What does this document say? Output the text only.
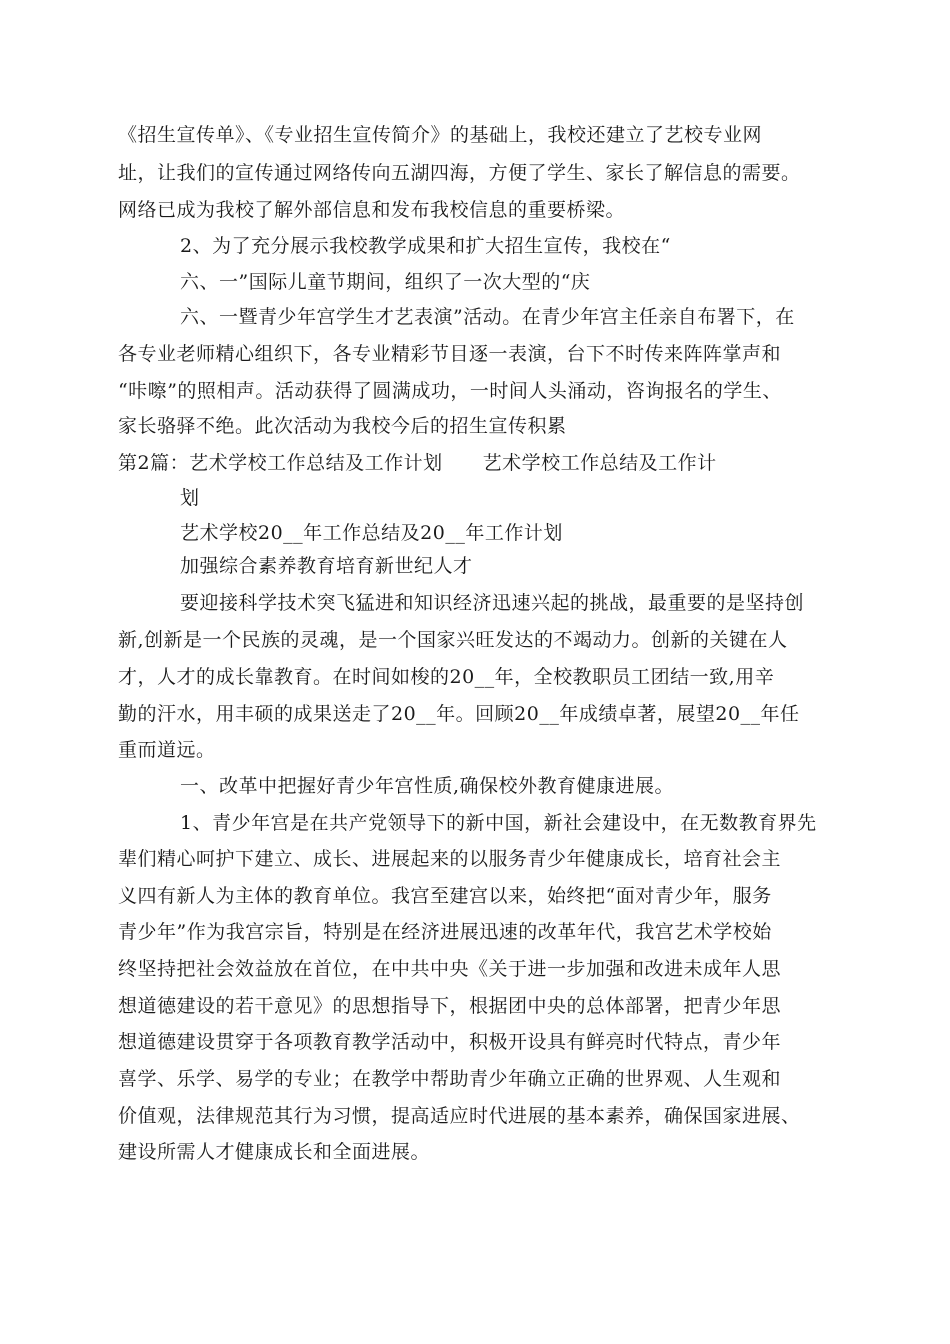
《招生宣传单》、《专业招生宣传简介》的基础上，我校还建立了艺校专业网
址，让我们的宣传通过网络传向五湖四海，方便了学生、家长了解信息的需要。
网络已成为我校了解外部信息和发布我校信息的重要桥梁。
2、为了充分展示我校教学成果和扩大招生宣传，我校在“
六、一”国际儿童节期间，组织了一次大型的“庆
六、一暨青少年宫学生才艺表演”活动。在青少年宫主任亲自布署下，在
各专业老师精心组织下，各专业精彩节目逐一表演，台下不时传来阵阵掌声和
“咔嚓”的照相声。活动获得了圆满成功，一时间人头涌动，咨询报名的学生、
家长骆驿不绝。此次活动为我校今后的招生宣传积累
第2篇：艺术学校工作总结及工作计划 艺术学校工作总结及工作计
划
艺术学校20__年工作总结及20__年工作计划
加强综合素养教育培育新世纪人才
要迎接科学技术突飞猛进和知识经济迅速兴起的挑战，最重要的是坚持创
新,创新是一个民族的灵魂，是一个国家兴旺发达的不竭动力。创新的关键在人
才，人才的成长靠教育。在时间如梭的20__年，全校教职员工团结一致,用辛
勤的汗水，用丰硕的成果送走了20__年。回顾20__年成绩卓著，展望20__年任
重而道远。
一、改革中把握好青少年宫性质,确保校外教育健康进展。
1、青少年宫是在共产党领导下的新中国，新社会建设中，在无数教育界先
辈们精心呵护下建立、成长、进展起来的以服务青少年健康成长，培育社会主
义四有新人为主体的教育单位。我宫至建宫以来，始终把“面对青少年，服务
青少年”作为我宫宗旨，特别是在经济进展迅速的改革年代，我宫艺术学校始
终坚持把社会效益放在首位，在中共中央《关于进一步加强和改进未成年人思
想道德建设的若干意见》的思想指导下，根据团中央的总体部署，把青少年思
想道德建设贯穿于各项教育教学活动中，积极开设具有鲜亮时代特点，青少年
喜学、乐学、易学的专业；在教学中帮助青少年确立正确的世界观、人生观和
价值观，法律规范其行为习惯，提高适应时代进展的基本素养，确保国家进展、
建设所需人才健康成长和全面进展。
